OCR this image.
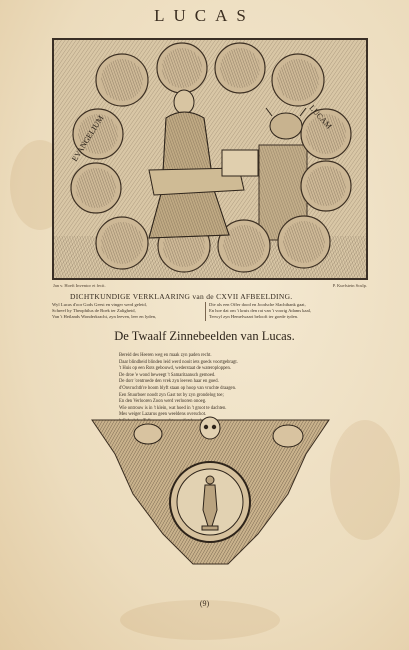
LUCAS
EVANGELIUM	LUCAM
Jan v. Hoeft Inventor et fecit.	P. Kuefstein Sculp.
DICHTKUNDIGE VERKLAARING van de CXVII AFBEELDING.
Wyl Lucas d'oor Gods Geest en vinger werd geleid,
Schreef hy Theophilus de Boek ter Zaligheid,
Van 't Heilands Wonderkracht, zyn leeven, leer en lyden,
Die als een Offer dood en Joodsche Slachtbank gaat,
En hoe dat om 't kruis den rat van 't voorig Adams kaal,
Terwyl zyn Hemelwaart belooft ter goede tyden.
De Twaalf Zinnebeelden van Lucas.
Bereid des Heeren weg en maak zyn paden recht.
Daar blindheid blinden leid werd nooit iets goeds voortgebragt.
't Huis op een Rots gebouwd, wederstaat de wateroploppen.
De droe 'e wond beweegt 't Samaritaansch gemoed.
De dorr 'centroede den vrek zyn leeven haar en goed.
d'Onvruchtb're boom blyft staan op hoop van vruchte draagen.
Een Stuurboer noodt zyn Gast tot by zyn grondelog toe;
En den Verlooren Zoon werd verlooren onoeg.
Wie ontrouw is in 't klein, wat hoed in 't groot te dachten.
Mes weiger Lazarus geen weeldens overschot.
(9)
